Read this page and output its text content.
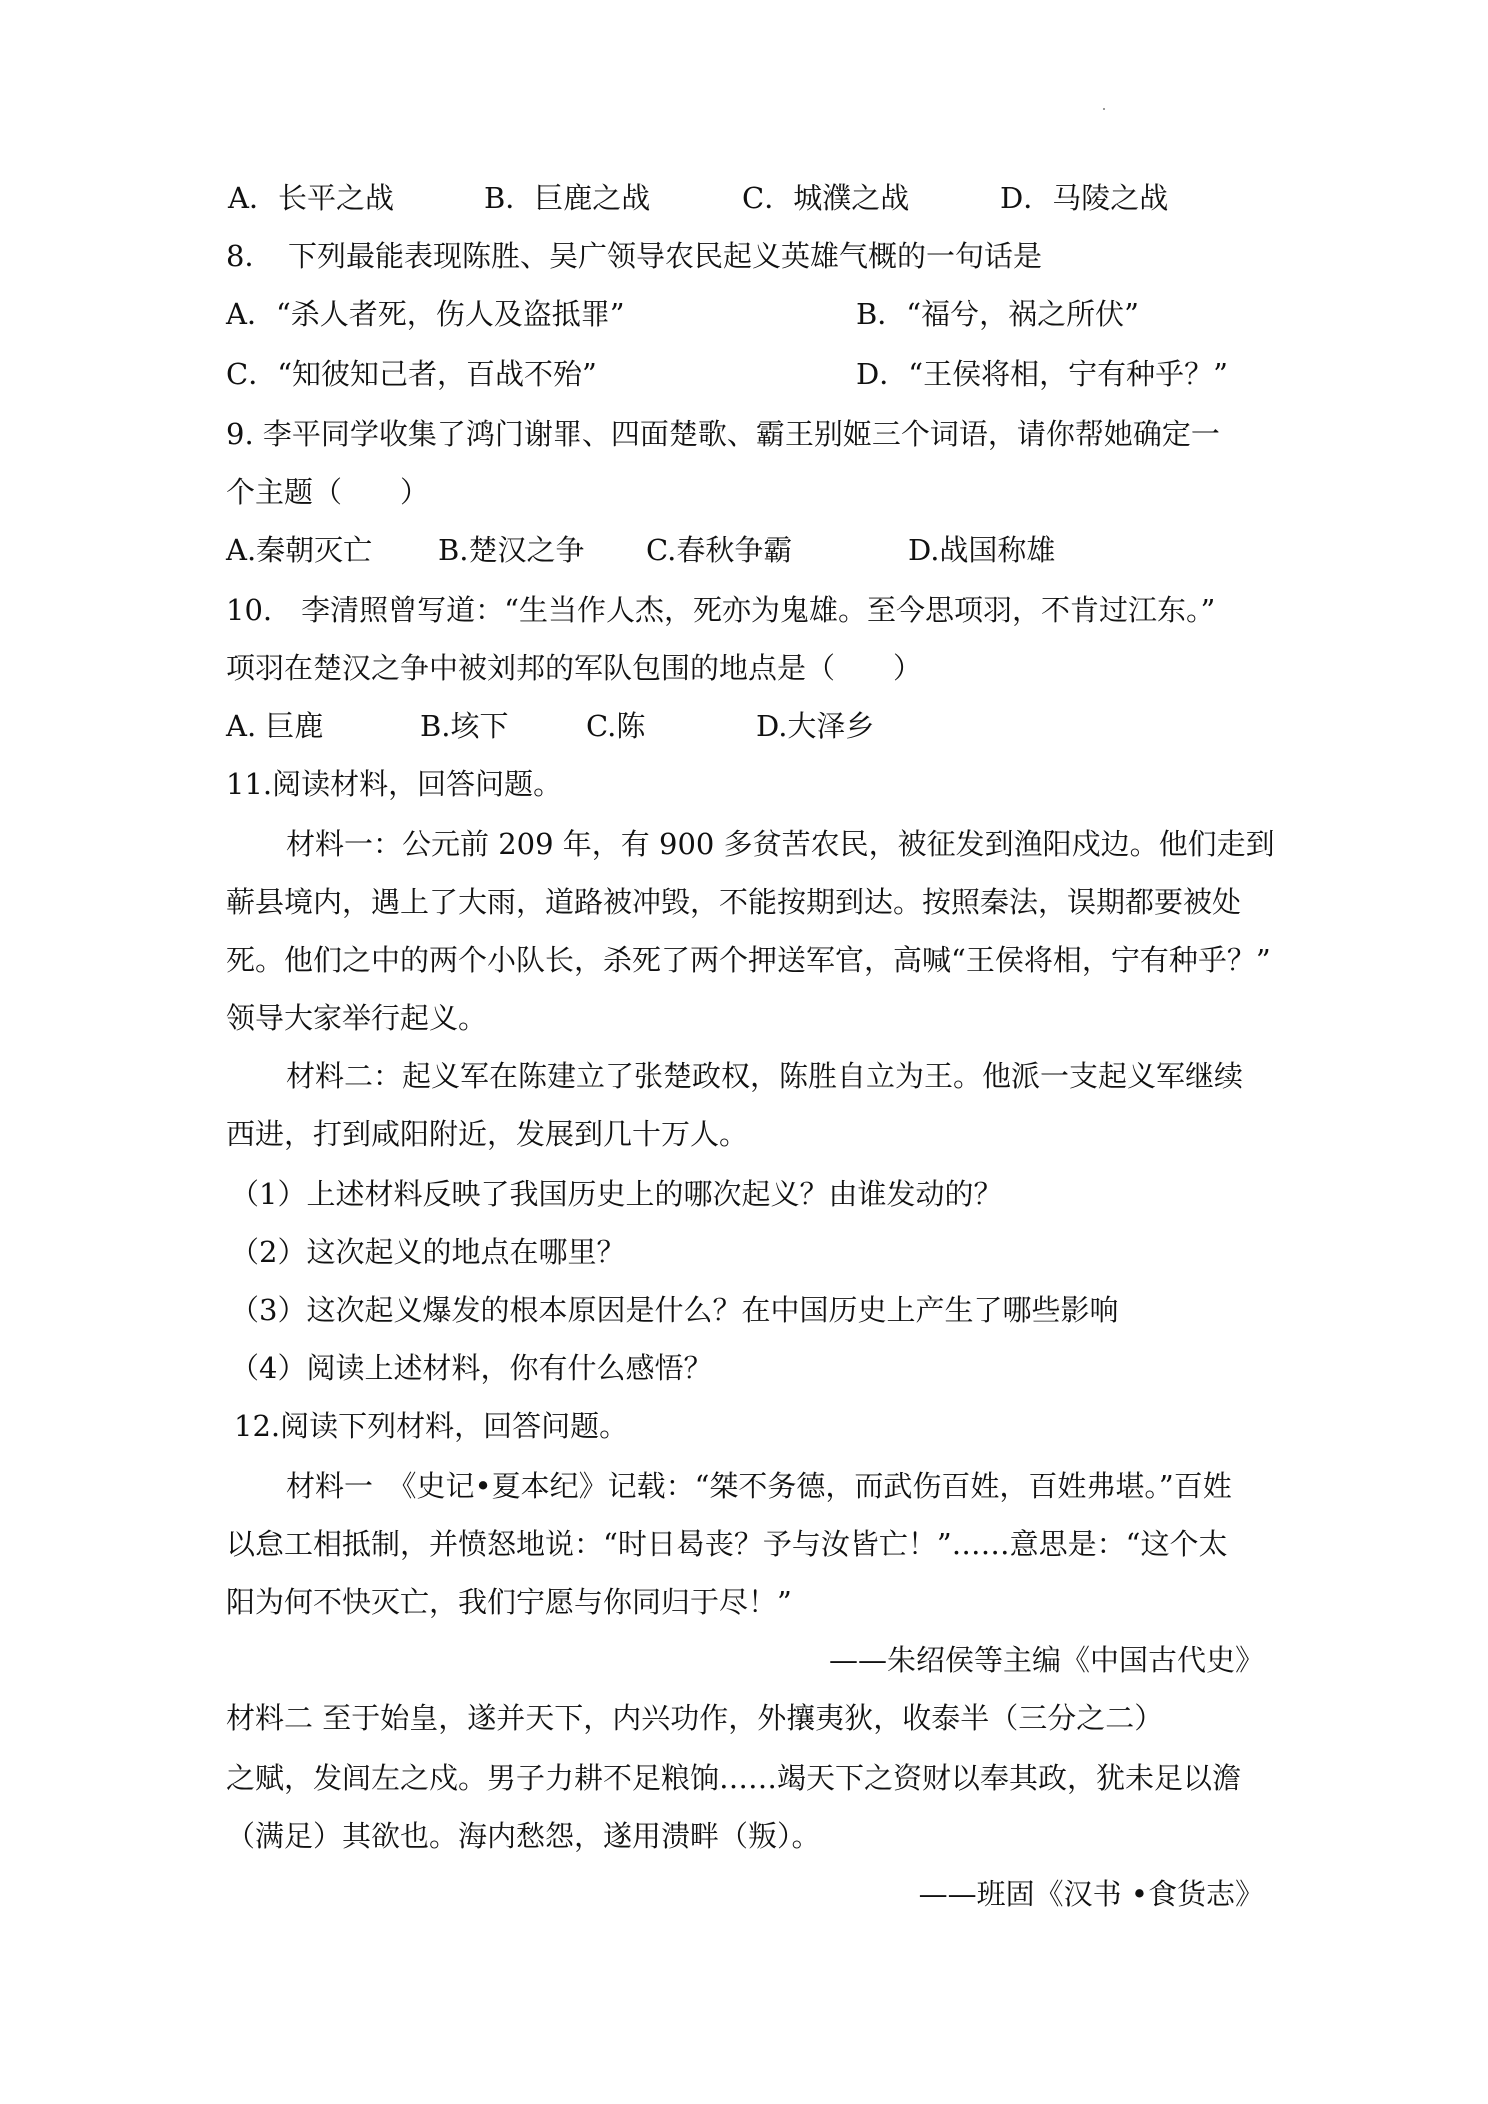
A．长平之战	B．巨鹿之战	C．城濮之战	D．马陵之战
8．　下列最能表现陈胜、吴广领导农民起义英雄气概的一句话是
A．“杀人者死，伤人及盗抵罪”	B．“福兮，祸之所伏”
C．“知彼知己者，百战不殆”	D．“王侯将相，宁有种乎？”
9. 李平同学收集了鸿门谢罪、四面楚歌、霸王别姬三个词语，请你帮她确定一
个主题（　　）
A.秦朝灭亡 B.楚汉之争 C.春秋争霸	D.战国称雄
10.　李清照曾写道：“生当作人杰，死亦为鬼雄。至今思项羽，不肯过江东。”
项羽在楚汉之争中被刘邦的军队包围的地点是（　　）
A. 巨鹿	B.垓下	C.陈	D.大泽乡
11.阅读材料，回答问题。
材料一：公元前 209 年，有 900 多贫苦农民，被征发到渔阳戍边。他们走到
蕲县境内，遇上了大雨，道路被冲毁，不能按期到达。按照秦法，误期都要被处
死。他们之中的两个小队长，杀死了两个押送军官，高喊“王侯将相，宁有种乎？”
领导大家举行起义。
材料二：起义军在陈建立了张楚政权，陈胜自立为王。他派一支起义军继续
西进，打到咸阳附近，发展到几十万人。
（1）上述材料反映了我国历史上的哪次起义？由谁发动的？
（2）这次起义的地点在哪里？
（3）这次起义爆发的根本原因是什么？在中国历史上产生了哪些影响
（4）阅读上述材料，你有什么感悟？
12.阅读下列材料，回答问题。
材料一　《史记•夏本纪》记载：“桀不务德，而武伤百姓，百姓弗堪。”百姓
以怠工相抵制，并愤怒地说：“时日曷丧？予与汝皆亡！”……意思是：“这个太
阳为何不快灭亡，我们宁愿与你同归于尽！”
——朱绍侯等主编《中国古代史》
材料二 至于始皇，遂并天下，内兴功作，外攘夷狄，收泰半（三分之二）
之赋，发闾左之戍。男子力耕不足粮饷……竭天下之资财以奉其政，犹未足以澹
（满足）其欲也。海内愁怨，遂用溃畔（叛）。
——班固《汉书 •食货志》
